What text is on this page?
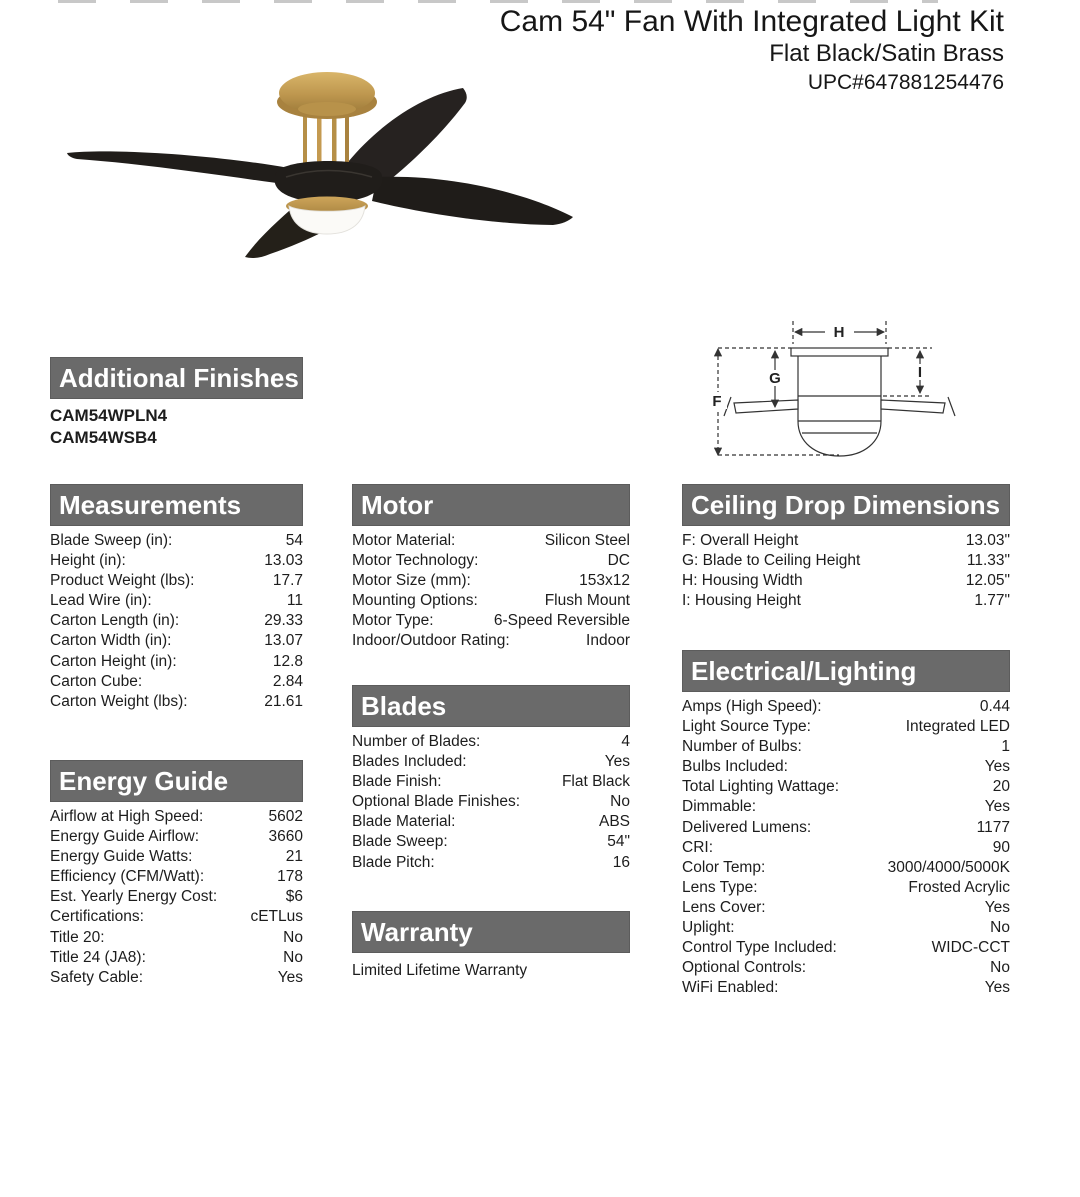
Cam 54" Fan With Integrated Light Kit
Flat Black/Satin Brass
UPC#647881254476
H
F
G	I
Additional Finishes
CAM54WPLN4
CAM54WSB4
Measurements
Blade Sweep (in):	54
Height (in):	13.03
Product Weight (lbs):	17.7
Lead Wire (in):	11
Carton Length (in):	29.33
Carton Width (in):	13.07
Carton Height (in):	12.8
Carton Cube:	2.84
Carton Weight (lbs):	21.61
Energy Guide
Airflow at High Speed:	5602
Energy Guide Airflow:	3660
Energy Guide Watts:	21
Efficiency (CFM/Watt):	178
Est. Yearly Energy Cost:	$6
Certifications:	cETLus
Title 20:	No
Title 24 (JA8):	No
Safety Cable:	Yes
Motor
Motor Material:	Silicon Steel
Motor Technology:	DC
Motor Size (mm):	153x12
Mounting Options:	Flush Mount
Motor Type:	6-Speed Reversible
Indoor/Outdoor Rating:	Indoor
Blades
Number of Blades:	4
Blades Included:	Yes
Blade Finish:	Flat Black
Optional Blade Finishes:	No
Blade Material:	ABS
Blade Sweep:	54"
Blade Pitch:	16
Warranty
Limited Lifetime Warranty
Ceiling Drop Dimensions
F: Overall Height	13.03"
G: Blade to Ceiling Height	11.33"
H: Housing Width	12.05"
I: Housing Height	1.77"
Electrical/Lighting
Amps (High Speed):	0.44
Light Source Type:	Integrated LED
Number of Bulbs:	1
Bulbs Included:	Yes
Total Lighting Wattage:	20
Dimmable:	Yes
Delivered Lumens:	1177
CRI:	90
Color Temp:	3000/4000/5000K
Lens Type:	Frosted Acrylic
Lens Cover:	Yes
Uplight:	No
Control Type Included:	WIDC-CCT
Optional Controls:	No
WiFi Enabled:	Yes
